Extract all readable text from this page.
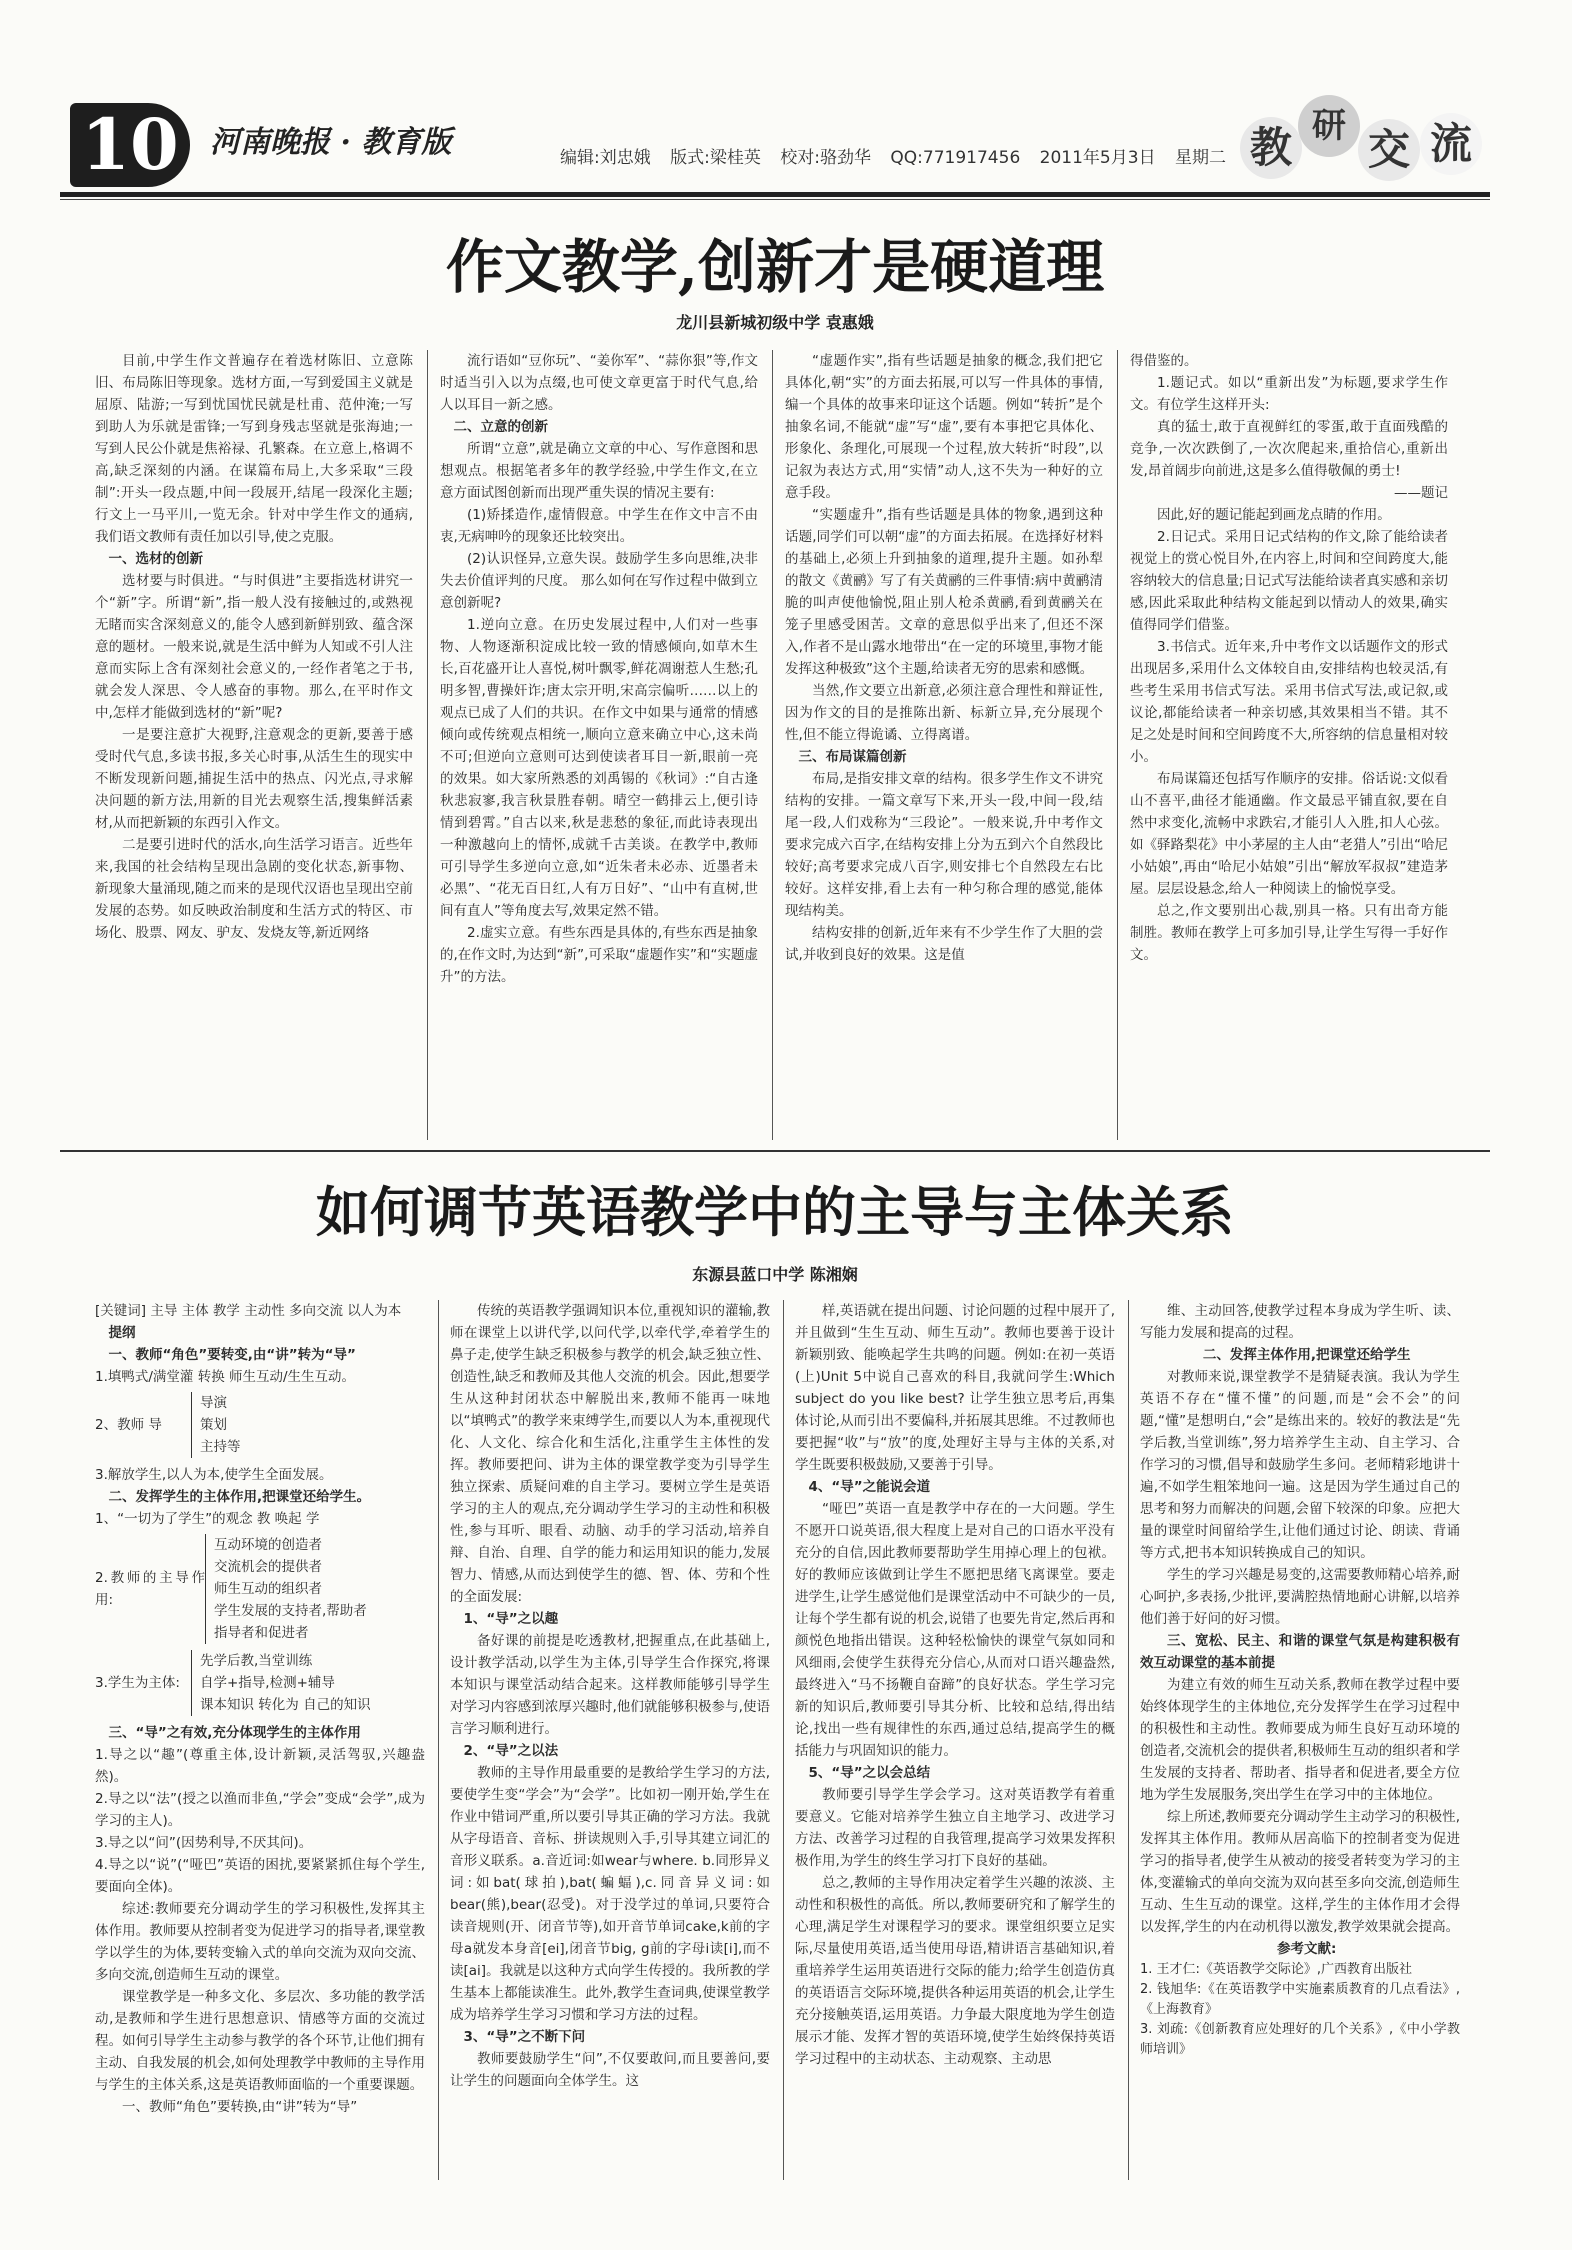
10	河南晚报 · 教育版	编辑:刘忠娥 版式:梁桂英 校对:骆劲华 QQ:771917456 2011年5月3日 星期二 教 研 交 流
作文教学,创新才是硬道理
龙川县新城初级中学 袁惠娥

目前,中学生作文普遍存在着选材陈旧、立意陈旧、布局陈旧等现象。选材方面,一写到爱国主义就是屈原、陆游;一写到忧国忧民就是杜甫、范仲淹;一写到助人为乐就是雷锋;一写到身残志坚就是张海迪;一写到人民公仆就是焦裕禄、孔繁森。在立意上,格调不高,缺乏深刻的内涵。在谋篇布局上,大多采取“三段制”:开头一段点题,中间一段展开,结尾一段深化主题;行文上一马平川,一览无余。针对中学生作文的通病,我们语文教师有责任加以引导,使之克服。

一、选材的创新

选材要与时俱进。“与时俱进”主要指选材讲究一个“新”字。所谓“新”,指一般人没有接触过的,或熟视无睹而实含深刻意义的,能令人感到新鲜别致、蕴含深意的题材。一般来说,就是生活中鲜为人知或不引人注意而实际上含有深刻社会意义的,一经作者笔之于书,就会发人深思、令人感奋的事物。那么,在平时作文中,怎样才能做到选材的“新”呢?

一是要注意扩大视野,注意观念的更新,要善于感受时代气息,多读书报,多关心时事,从活生生的现实中不断发现新问题,捕捉生活中的热点、闪光点,寻求解决问题的新方法,用新的目光去观察生活,搜集鲜活素材,从而把新颖的东西引入作文。

二是要引进时代的活水,向生活学习语言。近些年来,我国的社会结构呈现出急剧的变化状态,新事物、新现象大量涌现,随之而来的是现代汉语也呈现出空前发展的态势。如反映政治制度和生活方式的特区、市场化、股票、网友、驴友、发烧友等,新近网络

流行语如“豆你玩”、“姜你军”、“蒜你狠”等,作文时适当引入以为点缀,也可使文章更富于时代气息,给人以耳目一新之感。

二、立意的创新

所谓“立意”,就是确立文章的中心、写作意图和思想观点。根据笔者多年的教学经验,中学生作文,在立意方面试图创新而出现严重失误的情况主要有:

(1)矫揉造作,虚情假意。中学生在作文中言不由衷,无病呻吟的现象还比较突出。

(2)认识怪异,立意失误。鼓励学生多向思维,决非失去价值评判的尺度。 那么如何在写作过程中做到立意创新呢?

1.逆向立意。在历史发展过程中,人们对一些事物、人物逐渐积淀成比较一致的情感倾向,如草木生长,百花盛开让人喜悦,树叶飘零,鲜花凋谢惹人生愁;孔明多智,曹操奸诈;唐太宗开明,宋高宗偏听……以上的观点已成了人们的共识。在作文中如果与通常的情感倾向或传统观点相统一,顺向立意来确立中心,这未尚不可;但逆向立意则可达到使读者耳目一新,眼前一亮的效果。如大家所熟悉的刘禹锡的《秋词》:“自古逢秋悲寂寥,我言秋景胜春朝。晴空一鹤排云上,便引诗情到碧霄。”自古以来,秋是悲愁的象征,而此诗表现出一种激越向上的情怀,成就千古美谈。在教学中,教师可引导学生多逆向立意,如“近朱者未必赤、近墨者未必黑”、“花无百日红,人有万日好”、“山中有直树,世间有直人”等角度去写,效果定然不错。

2.虚实立意。有些东西是具体的,有些东西是抽象的,在作文时,为达到“新”,可采取“虚题作实”和“实题虚升”的方法。

“虚题作实”,指有些话题是抽象的概念,我们把它具体化,朝“实”的方面去拓展,可以写一件具体的事情,编一个具体的故事来印证这个话题。例如“转折”是个抽象名词,不能就“虚”写“虚”,要有本事把它具体化、形象化、条理化,可展现一个过程,放大转折“时段”,以记叙为表达方式,用“实情”动人,这不失为一种好的立意手段。

“实题虚升”,指有些话题是具体的物象,遇到这种话题,同学们可以朝“虚”的方面去拓展。在选择好材料的基础上,必须上升到抽象的道理,提升主题。如孙犁的散文《黄鹂》写了有关黄鹂的三件事情:病中黄鹂清脆的叫声使他愉悦,阻止别人枪杀黄鹂,看到黄鹂关在笼子里感受困苦。文章的意思似乎出来了,但还不深入,作者不是山露水地带出“在一定的环境里,事物才能发挥这种极致”这个主题,给读者无穷的思索和感慨。

当然,作文要立出新意,必须注意合理性和辩证性,因为作文的目的是推陈出新、标新立异,充分展现个性,但不能立得诡谲、立得离谱。

三、布局谋篇创新

布局,是指安排文章的结构。很多学生作文不讲究结构的安排。一篇文章写下来,开头一段,中间一段,结尾一段,人们戏称为“三段论”。一般来说,升中考作文要求完成六百字,在结构安排上分为五到六个自然段比较好;高考要求完成八百字,则安排七个自然段左右比较好。这样安排,看上去有一种匀称合理的感觉,能体现结构美。

结构安排的创新,近年来有不少学生作了大胆的尝试,并收到良好的效果。这是值

得借鉴的。

1.题记式。如以“重新出发”为标题,要求学生作文。有位学生这样开头:

真的猛士,敢于直视鲜红的零蛋,敢于直面残酷的竞争,一次次跌倒了,一次次爬起来,重拾信心,重新出发,昂首阔步向前进,这是多么值得敬佩的勇士!

——题记

因此,好的题记能起到画龙点睛的作用。

2.日记式。采用日记式结构的作文,除了能给读者视觉上的赏心悦目外,在内容上,时间和空间跨度大,能容纳较大的信息量;日记式写法能给读者真实感和亲切感,因此采取此种结构文能起到以情动人的效果,确实值得同学们借鉴。

3.书信式。近年来,升中考作文以话题作文的形式出现居多,采用什么文体较自由,安排结构也较灵活,有些考生采用书信式写法。采用书信式写法,或记叙,或议论,都能给读者一种亲切感,其效果相当不错。其不足之处是时间和空间跨度不大,所容纳的信息量相对较小。

布局谋篇还包括写作顺序的安排。俗话说:文似看山不喜平,曲径才能通幽。作文最忌平铺直叙,要在自然中求变化,流畅中求跌宕,才能引人入胜,扣人心弦。如《驿路梨花》中小茅屋的主人由“老猎人”引出“哈尼小姑娘”,再由“哈尼小姑娘”引出“解放军叔叔”建造茅屋。层层设悬念,给人一种阅读上的愉悦享受。

总之,作文要别出心裁,别具一格。只有出奇方能制胜。教师在教学上可多加引导,让学生写得一手好作文。

如何调节英语教学中的主导与主体关系
东源县蓝口中学 陈湘娴

[关键词] 主导 主体 教学 主动性 多向交流 以人为本

提纲
一、教师“角色”要转变,由“讲”转为“导”

1.填鸭式/满堂灌 转换 师生互动/生生互动。

2、教师 导
导演
策划
主持等

3.解放学生,以人为本,使学生全面发展。

二、发挥学生的主体作用,把课堂还给学生。

1、“一切为了学生”的观念 教 唤起 学

2.教师的主导作用:
互动环境的创造者
交流机会的提供者
师生互动的组织者
学生发展的支持者,帮助者
指导者和促进者
3.学生为主体:
先学后教,当堂训练
自学+指导,检测+辅导
课本知识 转化为 自己的知识
三、“导”之有效,充分体现学生的主体作用

1.导之以“趣”(尊重主体,设计新颖,灵活驾驭,兴趣盎然)。

2.导之以“法”(授之以渔而非鱼,“学会”变成“会学”,成为学习的主人)。

3.导之以“问”(因势利导,不厌其问)。

4.导之以“说”(“哑巴”英语的困扰,要紧紧抓住每个学生,要面向全体)。

综述:教师要充分调动学生的学习积极性,发挥其主体作用。教师要从控制者变为促进学习的指导者,课堂教学以学生的为体,要转变输入式的单向交流为双向交流、多向交流,创造师生互动的课堂。

课堂教学是一种多文化、多层次、多功能的教学活动,是教师和学生进行思想意识、情感等方面的交流过程。如何引导学生主动参与教学的各个环节,让他们拥有主动、自我发展的机会,如何处理教学中教师的主导作用与学生的主体关系,这是英语教师面临的一个重要课题。

一、教师“角色”要转换,由“讲”转为“导”

传统的英语教学强调知识本位,重视知识的灌输,教师在课堂上以讲代学,以问代学,以牵代学,牵着学生的鼻子走,使学生缺乏积极参与教学的机会,缺乏独立性、创造性,缺乏和教师及其他人交流的机会。因此,想要学生从这种封闭状态中解脱出来,教师不能再一味地以“填鸭式”的教学来束缚学生,而要以人为本,重视现代化、人文化、综合化和生活化,注重学生主体性的发挥。教师要把问、讲为主体的课堂教学变为引导学生独立探索、质疑问难的自主学习。要树立学生是英语学习的主人的观点,充分调动学生学习的主动性和积极性,参与耳听、眼看、动脑、动手的学习活动,培养自辩、自治、自理、自学的能力和运用知识的能力,发展智力、情感,从而达到使学生的德、智、体、劳和个性的全面发展:

1、“导”之以趣

备好课的前提是吃透教材,把握重点,在此基础上,设计教学活动,以学生为主体,引导学生合作探究,将课本知识与课堂活动结合起来。这样教师能够引导学生对学习内容感到浓厚兴趣时,他们就能够积极参与,使语言学习顺利进行。

2、“导”之以法

教师的主导作用最重要的是教给学生学习的方法,要使学生变“学会”为“会学”。比如初一刚开始,学生在作业中错词严重,所以要引导其正确的学习方法。我就从字母语音、音标、拼读规则入手,引导其建立词汇的音形义联系。a.音近词:如wear与where. b.同形异义词:如bat(球拍),bat(蝙蝠),c.同音异义词:如bear(熊),bear(忍受)。对于没学过的单词,只要符合读音规则(开、闭音节等),如开音节单词cake,k前的字母a就发本身音[ei],闭音节big, g前的字母i读[i],而不读[ai]。我就是以这种方式向学生传授的。我所教的学生基本上都能读准生。此外,教学生查词典,使课堂教学成为培养学生学习习惯和学习方法的过程。

3、“导”之不断下问

教师要鼓励学生“问”,不仅要敢问,而且要善问,要让学生的问题面向全体学生。这

样,英语就在提出问题、讨论问题的过程中展开了,并且做到“生生互动、师生互动”。教师也要善于设计新颖别致、能唤起学生共鸣的问题。例如:在初一英语(上)Unit 5中说自己喜欢的科目,我就问学生:Which subject do you like best? 让学生独立思考后,再集体讨论,从而引出不要偏科,并拓展其思维。不过教师也要把握“收”与“放”的度,处理好主导与主体的关系,对学生既要积极鼓励,又要善于引导。

4、“导”之能说会道

“哑巴”英语一直是教学中存在的一大问题。学生不愿开口说英语,很大程度上是对自己的口语水平没有充分的自信,因此教师要帮助学生用掉心理上的包袱。好的教师应该做到让学生不愿把思绪飞离课堂。要走进学生,让学生感觉他们是课堂活动中不可缺少的一员,让每个学生都有说的机会,说错了也要先肯定,然后再和颜悦色地指出错误。这种轻松愉快的课堂气氛如同和风细雨,会使学生获得充分信心,从而对口语兴趣盎然,最终进入“马不扬鞭自奋蹄”的良好状态。学生学习完新的知识后,教师要引导其分析、比较和总结,得出结论,找出一些有规律性的东西,通过总结,提高学生的概括能力与巩固知识的能力。

5、“导”之以会总结

教师要引导学生学会学习。这对英语教学有着重要意义。它能对培养学生独立自主地学习、改进学习方法、改善学习过程的自我管理,提高学习效果发挥积极作用,为学生的终生学习打下良好的基础。

总之,教师的主导作用决定着学生兴趣的浓淡、主动性和积极性的高低。所以,教师要研究和了解学生的心理,满足学生对课程学习的要求。课堂组织要立足实际,尽量使用英语,适当使用母语,精讲语言基础知识,着重培养学生运用英语进行交际的能力;给学生创造仿真的英语语言交际环境,提供各种运用英语的机会,让学生充分接触英语,运用英语。力争最大限度地为学生创造展示才能、发挥才智的英语环境,使学生始终保持英语学习过程中的主动状态、主动观察、主动思

维、主动回答,使教学过程本身成为学生听、读、写能力发展和提高的过程。

二、发挥主体作用,把课堂还给学生

对教师来说,课堂教学不是猜疑表演。我认为学生英语不存在“懂不懂”的问题,而是“会不会”的问题,“懂”是想明白,“会”是练出来的。较好的教法是“先学后教,当堂训练”,努力培养学生主动、自主学习、合作学习的习惯,倡导和鼓励学生多问。老师精彩地讲十遍,不如学生粗笨地问一遍。这是因为学生通过自己的思考和努力而解决的问题,会留下较深的印象。应把大量的课堂时间留给学生,让他们通过讨论、朗读、背诵等方式,把书本知识转换成自己的知识。

学生的学习兴趣是易变的,这需要教师精心培养,耐心呵护,多表扬,少批评,要满腔热情地耐心讲解,以培养他们善于好问的好习惯。

三、宽松、民主、和谐的课堂气氛是构建积极有效互动课堂的基本前提

为建立有效的师生互动关系,教师在教学过程中要始终体现学生的主体地位,充分发挥学生在学习过程中的积极性和主动性。教师要成为师生良好互动环境的创造者,交流机会的提供者,积极师生互动的组织者和学生发展的支持者、帮助者、指导者和促进者,要全方位地为学生发展服务,突出学生在学习中的主体地位。

综上所述,教师要充分调动学生主动学习的积极性,发挥其主体作用。教师从居高临下的控制者变为促进学习的指导者,使学生从被动的接受者转变为学习的主体,变灌输式的单向交流为双向甚至多向交流,创造师生互动、生生互动的课堂。这样,学生的主体作用才会得以发挥,学生的内在动机得以激发,教学效果就会提高。

参考文献:
1. 王才仁:《英语教学交际论》,广西教育出版社
2. 钱旭华:《在英语教学中实施素质教育的几点看法》,《上海教育》
3. 刘疏:《创新教育应处理好的几个关系》,《中小学教师培训》
